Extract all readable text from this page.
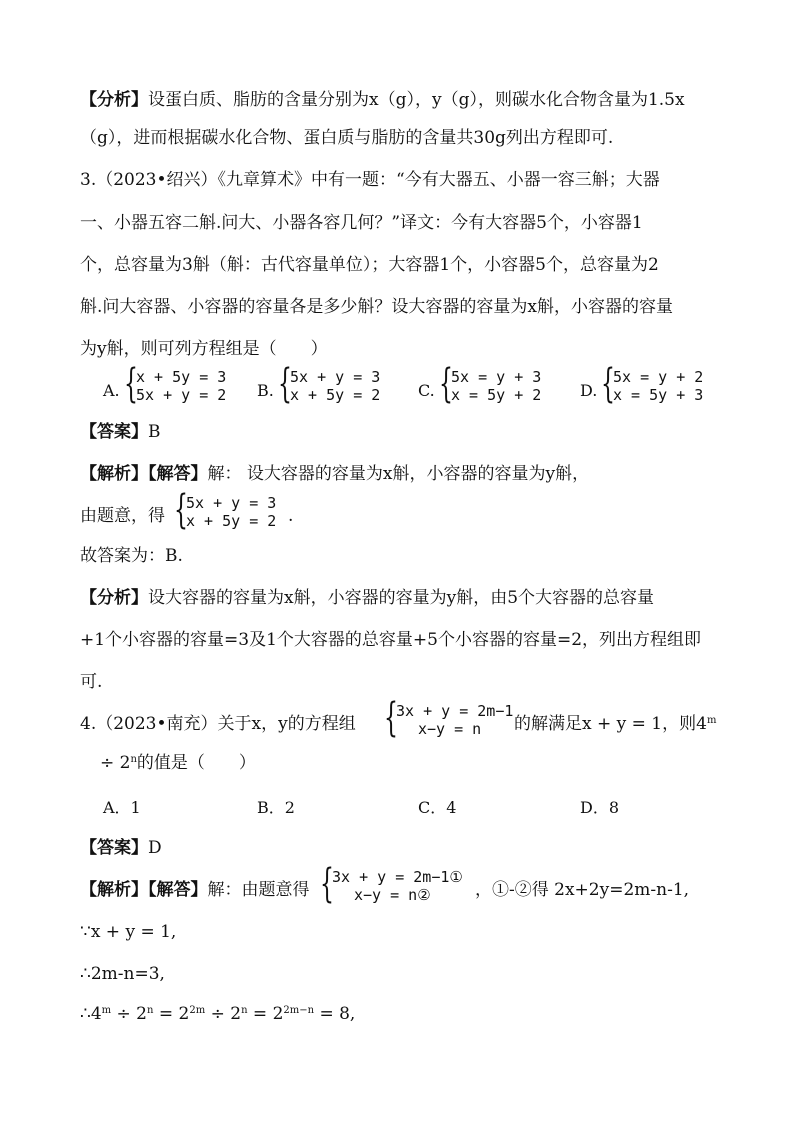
【分析】设蛋白质、脂肪的含量分别为x（g），y（g），则碳水化合物含量为1.5x
（g），进而根据碳水化合物、蛋白质与脂肪的含量共30g列出方程即可.
3.（2023•绍兴）《九章算术》中有一题：“今有大器五、小器一容三斛；大器
一、小器五容二斛.问大、小器各容几何？”译文：今有大容器5个，小容器1
个，总容量为3斛（斛：古代容量单位）；大容器1个，小容器5个，总容量为2
斛.问大容器、小容器的容量各是多少斛？设大容器的容量为x斛，小容器的容量
为y斛，则可列方程组是（　　）
A. {
x + 5y = 3
5x + y = 2 B. {
5x + y = 3
x + 5y = 2 C. {
5x = y + 3
x = 5y + 2 D. {
5x = y + 2
x = 5y + 3
【答案】B
【解析】【解答】解： 设大容器的容量为x斛，小容器的容量为y斛，
由题意，得 {
5x + y = 3
x + 5y = 2 .
故答案为：B.
【分析】设大容器的容量为x斛，小容器的容量为y斛，由5个大容器的总容量
+1个小容器的容量=3及1个大容器的总容量+5个小容器的容量=2，列出方程组即
可.
4.（2023•南充）关于x，y的方程组 {
3x + y = 2m−1
x−y = n	的解满足x + y = 1，则$4^m$
÷ $2^n$的值是（　　）
A．1	B．2	C．4	D．8
【答案】D
【解析】【解答】解：由题意得 {
3x + y = 2m−1①
x−y = n②	，①-②得 2x+2y=2m-n-1,
∵x + y = 1,
∴2m-n=3,
$\therefore 4^m \div 2^n = 2^{2m} \div 2^n = 2^{2m-n} = 8$,
